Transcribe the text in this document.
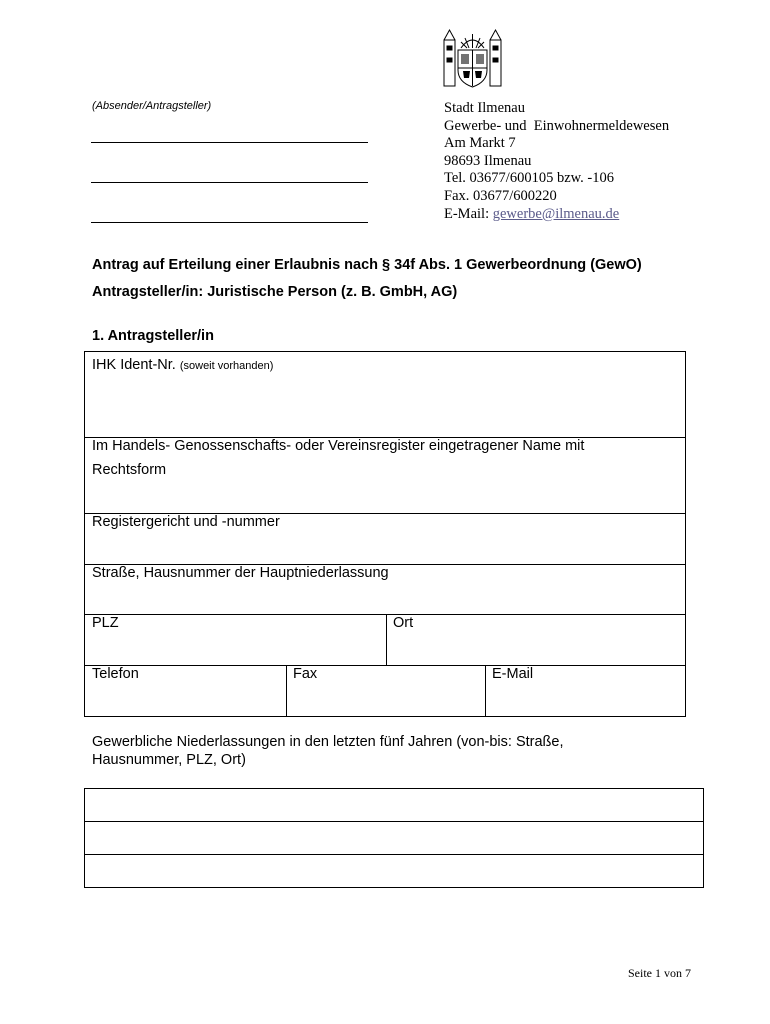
(Absender/Antragsteller)	Stadt Ilmenau
Gewerbe- und  Einwohnermeldewesen
Am Markt 7
98693 Ilmenau
Tel. 03677/600105 bzw. -106
Fax. 03677/600220
E-Mail: gewerbe@ilmenau.de
Antrag auf Erteilung einer Erlaubnis nach § 34f Abs. 1 Gewerbeordnung (GewO)
Antragsteller/in: Juristische Person (z. B. GmbH, AG)
1. Antragsteller/in
IHK Ident-Nr. (soweit vorhanden)
Im Handels- Genossenschafts- oder Vereinsregister eingetragener Name mit Rechtsform
Registergericht und -nummer
Straße, Hausnummer der Hauptniederlassung
PLZ	Ort
Telefon	Fax	E-Mail
Gewerbliche Niederlassungen in den letzten fünf Jahren (von-bis: Straße, Hausnummer, PLZ, Ort)
Seite 1 von 7
